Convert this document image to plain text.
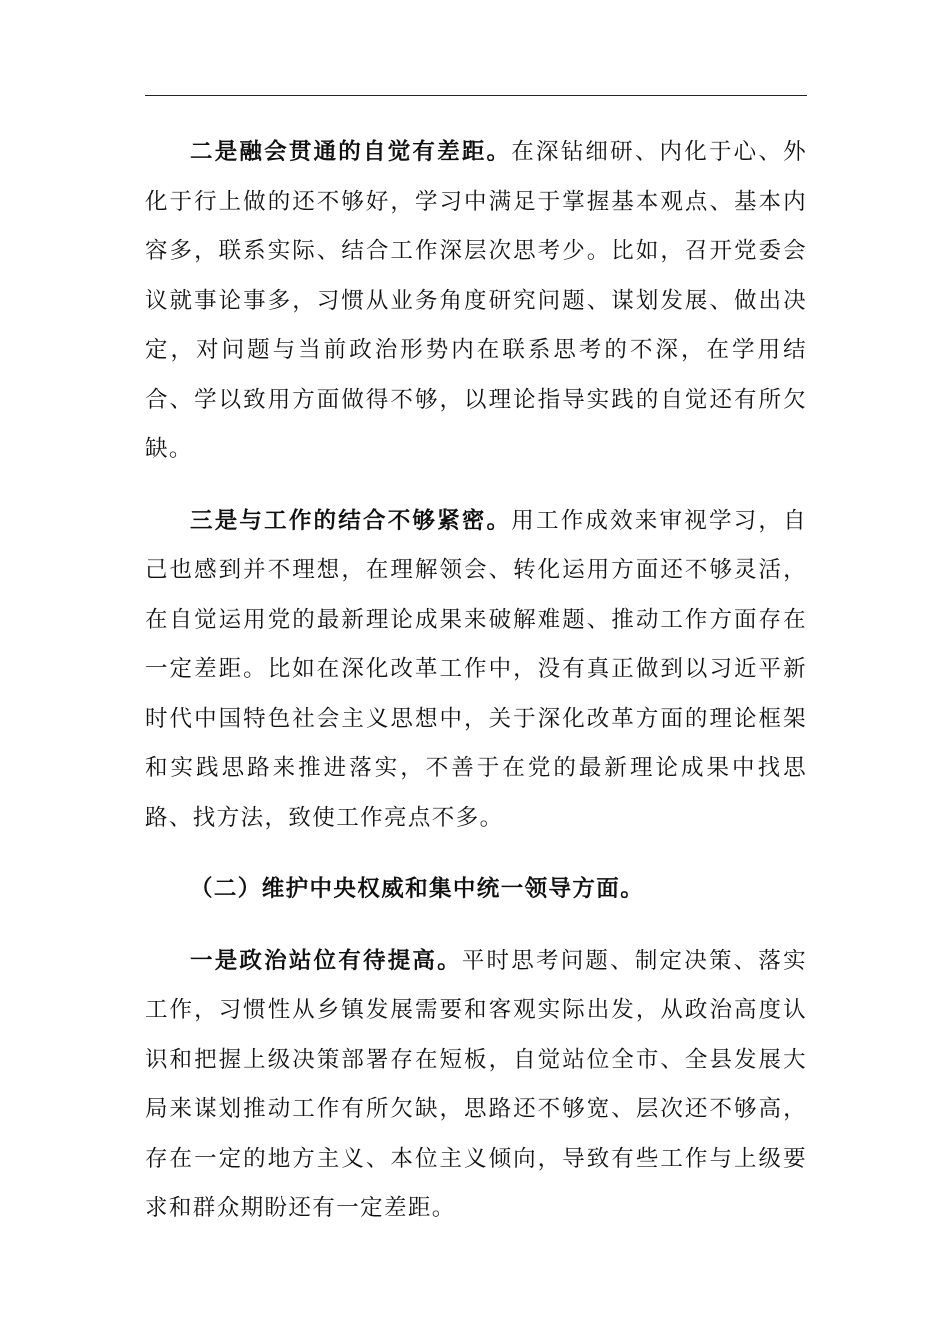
二是融会贯通的自觉有差距。在深钻细研、内化于心、外化于行上做的还不够好，学习中满足于掌握基本观点、基本内容多，联系实际、结合工作深层次思考少。比如，召开党委会议就事论事多，习惯从业务角度研究问题、谋划发展、做出决定，对问题与当前政治形势内在联系思考的不深，在学用结合、学以致用方面做得不够，以理论指导实践的自觉还有所欠缺。

三是与工作的结合不够紧密。用工作成效来审视学习，自己也感到并不理想，在理解领会、转化运用方面还不够灵活，在自觉运用党的最新理论成果来破解难题、推动工作方面存在一定差距。比如在深化改革工作中，没有真正做到以习近平新时代中国特色社会主义思想中，关于深化改革方面的理论框架和实践思路来推进落实，不善于在党的最新理论成果中找思路、找方法，致使工作亮点不多。

（二）维护中央权威和集中统一领导方面。

一是政治站位有待提高。平时思考问题、制定决策、落实工作，习惯性从乡镇发展需要和客观实际出发，从政治高度认识和把握上级决策部署存在短板，自觉站位全市、全县发展大局来谋划推动工作有所欠缺，思路还不够宽、层次还不够高，存在一定的地方主义、本位主义倾向，导致有些工作与上级要求和群众期盼还有一定差距。
